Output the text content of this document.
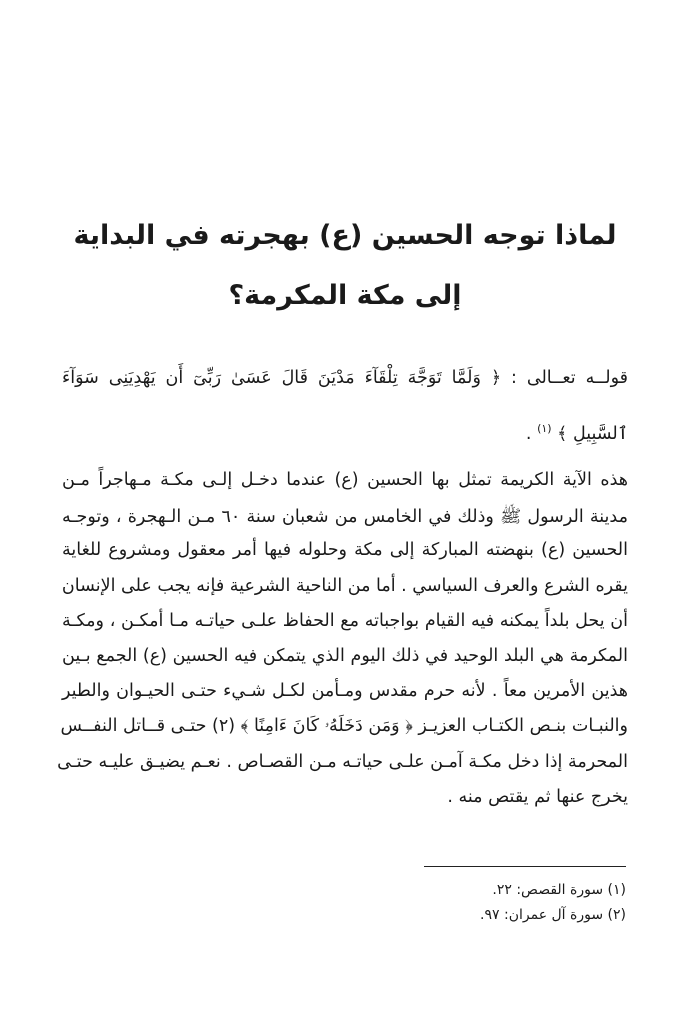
لماذا توجه الحسين (ع) بهجرته في البداية
إلى مكة المكرمة؟
قولــه تعــالى : ﴿ وَلَمَّا تَوَجَّهَ تِلْقَآءَ مَدْيَنَ قَالَ عَسَىٰ رَبِّىٓ أَن يَهْدِيَنِى سَوَآءَ
ٱلسَّبِيلِ ﴾ $^{(١)}$ .
هذه الآية الكريمة تمثل بها الحسين (ع) عندما دخـل إلـى مكـة مـهاجراً مـن
مدينة الرسول ﷺ وذلك في الخامس من شعبان سنة ٦٠ مـن الـهجرة ، وتوجـه
الحسين (ع) بنهضته المباركة إلى مكة وحلوله فيها أمر معقول ومشروع للغاية
يقره الشرع والعرف السياسي . أما من الناحية الشرعية فإنه يجب على الإنسان
أن يحل بلداً يمكنه فيه القيام بواجباته مع الحفاظ علـى حياتـه مـا أمكـن ، ومكـة
المكرمة هي البلد الوحيد في ذلك اليوم الذي يتمكن فيه الحسين (ع) الجمع بـين
هذين الأمرين معاً . لأنه حرم مقدس ومـأمن لكـل شـيء حتـى الحيـوان والطير
والنبـات بنـص الكتـاب العزيـز ﴿ وَمَن دَخَلَهُۥ كَانَ ءَامِنًا ﴾ (٢) حتـى قــاتل النفــس
المحرمة إذا دخل مكـة آمـن علـى حياتـه مـن القصـاص . نعـم يضيـق عليـه حتـى
يخرج عنها ثم يقتص منه .
(١) سورة القصص: ٢٢.
(٢) سورة آل عمران: ٩٧.
